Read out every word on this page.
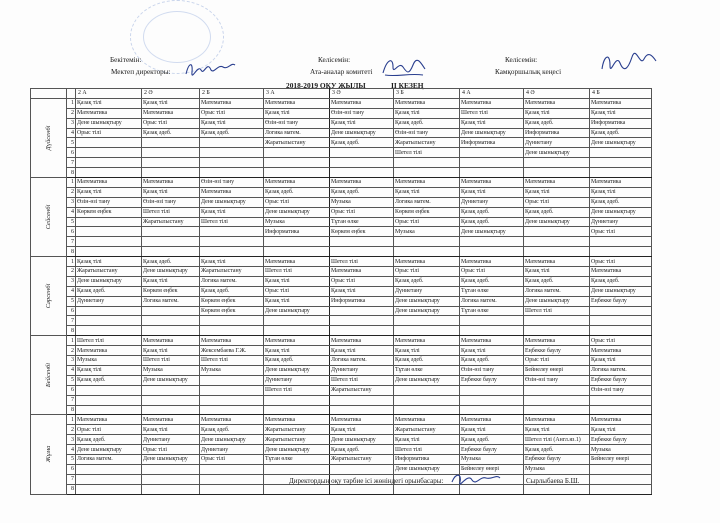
Бекітемін:
Мектеп директоры:
Келісемін:
Ата-аналар комитеті
Келісемін:
Камқоршылық кеңесі
2018-2019 ОҚУ ЖЫЛЫ	II КЕЗЕҢ
		2 А	2 Ә	2 Б	3 А	3 Ә	3 Б	4 А	4 Ә	4 Б

Дүйсенбі	1	Қазақ тілі	Қазақ тілі	Математика	Математика	Математика	Математика	Математика	Математика	Математика
	2	Математика	Математика	Орыс тілі	Қазақ тілі	Өзін-өзі тану	Қазақ тілі	Шетел тілі	Қазақ тілі	Қазақ тілі
	3	Дене шынықтыру	Орыс тілі	Қазақ тілі	Өзін-өзі тану	Қазақ тілі	Қазақ әдеб.	Қазақ тілі	Қазақ әдеб.	Информатика
	4	Орыс тілі	Қазақ әдеб.	Қазақ әдеб.	Логика матем.	Дене шынықтыру	Өзін-өзі тану	Дене шынықтыру	Информатика	Қазақ әдеб.
	5				Жаратылыстану	Қазақ әдеб.	Жаратылыстану	Информатика	Дүниетану	Дене шынықтыру
	6						Шетел тілі		Дене шынықтыру	
	7									
	8									

Сейсенбі	1	Математика	Математика	Өзін-өзі тану	Математика	Математика	Математика	Математика	Математика	Математика
	2	Қазақ тілі	Қазақ тілі	Математика	Қазақ әдеб.	Қазақ әдеб.	Қазақ тілі	Қазақ тілі	Қазақ тілі	Қазақ тілі
	3	Өзін-өзі тану	Өзін-өзі тану	Дене шынықтыру	Орыс тілі	Музыка	Логика матем.	Дүниетану	Орыс тілі	Қазақ әдеб.
	4	Көркем еңбек	Шетел тілі	Қазақ тілі	Дене шынықтыру	Орыс тілі	Көркем еңбек	Қазақ әдеб.	Қазақ әдеб.	Дене шынықтыру
	5		Жаратылыстану	Шетел тілі	Музыка	Тұтан өлке	Орыс тілі	Қазақ әдеб.	Дене шынықтыру	Дүниетану
	6				Информатика	Көркем еңбек	Музыка	Дене шынықтыру		Орыс тілі
	7									
	8									

Сәрсенбі	1	Қазақ тілі	Қазақ әдеб.	Қазақ тілі	Математика	Шетел тілі	Математика	Математика	Математика	Орыс тілі
	2	Жаратылыстану	Дене шынықтыру	Жаратылыстану	Шетел тілі	Математика	Орыс тілі	Орыс тілі	Қазақ тілі	Математика
	3	Дене шынықтыру	Қазақ тілі	Логика матем.	Қазақ тілі	Орыс тілі	Қазақ әдеб.	Қазақ әдеб.	Қазақ әдеб.	Қазақ әдеб.
	4	Қазақ әдеб.	Көркем еңбек	Қазақ әдеб.	Орыс тілі	Қазақ тілі	Дүниетану	Тұтан өлке	Логика матем.	Дене шынықтыру
	5	Дүниетану	Логика матем.	Көркем еңбек	Қазақ тілі	Информатика	Дене шынықтыру	Логика матем.	Дене шынықтыру	Еңбекке баулу
	6			Көркем еңбек	Дене шынықтыру		Дене шынықтыру	Тұтан өлке	Шетел тілі	
	7									
	8									

Бейсенбі	1	Шетел тілі	Математика	Математика	Математика	Математика	Математика	Математика	Математика	Орыс тілі
	2	Математика	Қазақ тілі	Жексембаева Г.Ж.	Қазақ тілі	Қазақ тілі	Қазақ тілі	Қазақ тілі	Еңбекке баулу	Математика
	3	Музыка	Шетел тілі	Шетел тілі	Қазақ әдеб.	Логика матем.	Қазақ әдеб.	Қазақ әдеб.	Орыс тілі	Қазақ тілі
	4	Қазақ тілі	Музыка	Музыка	Дене шынықтыру	Дүниетану	Тұтан өлке	Өзін-өзі тану	Бейнелеу өнері	Логика матем.
	5	Қазақ әдеб.	Дене шынықтыру		Дүниетану	Шетел тілі	Дене шынықтыру	Еңбекке баулу	Өзін-өзі тану	Еңбекке баулу
	6				Шетел тілі	Жаратылыстану				Өзін-өзі тану
	7									
	8									

Жұма	1	Математика	Математика	Математика	Математика	Математика	Математика	Математика	Математика	Математика
	2	Орыс тілі	Қазақ тілі	Қазақ әдеб.	Жаратылыстану	Қазақ тілі	Жаратылыстану	Қазақ тілі	Қазақ тілі	Қазақ тілі
	3	Қазақ әдеб.	Дүниетану	Дене шынықтыру	Жаратылыстану	Дене шынықтыру	Қазақ тілі	Қазақ әдеб.	Шетел тілі (Англ.яз.1)	Еңбекке баулу
	4	Дене шынықтыру	Орыс тілі	Дүниетану	Дене шынықтыру	Қазақ әдеб.	Шетел тілі	Еңбекке баулу	Қазақ әдеб.	Музыка
	5	Логика матем.	Дене шынықтыру	Орыс тілі	Тұтан өлке	Жаратылыстану	Информатика	Музыка	Еңбекке баулу	Бейнелеу өнері
	6						Дене шынықтыру	Бейнелеу өнері	Музыка	
	7									
	8									
Директордың оқу тәрбие ісі жөніндегі орынбасары:	Сырлыбаева Б.Ш.
